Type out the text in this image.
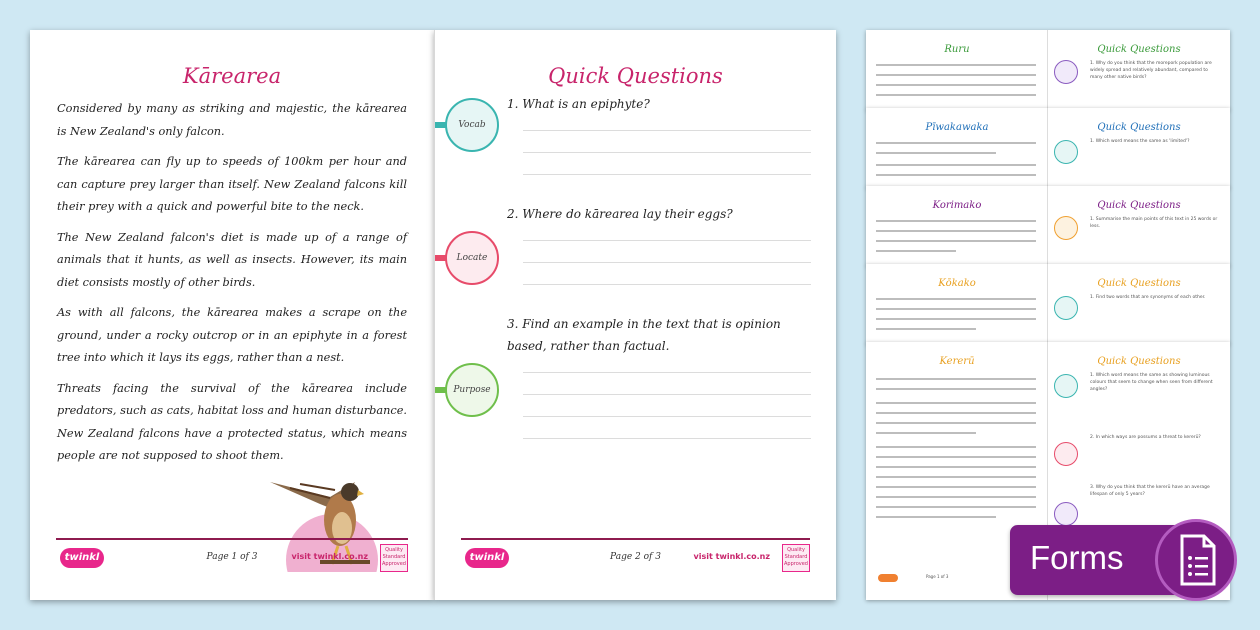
Kārearea

Considered by many as striking and majestic, the kārearea is New Zealand's only falcon.

The kārearea can fly up to speeds of 100km per hour and can capture prey larger than itself. New Zealand falcons kill their prey with a quick and powerful bite to the neck.

The New Zealand falcon's diet is made up of a range of animals that it hunts, as well as insects. However, its main diet consists mostly of other birds.

As with all falcons, the kārearea makes a scrape on the ground, under a rocky outcrop or in an epiphyte in a forest tree into which it lays its eggs, rather than a nest.

Threats facing the survival of the kārearea include predators, such as cats, habitat loss and human disturbance. New Zealand falcons have a protected status, which means people are not supposed to shoot them.

twinkl	Page 1 of 3	visit twinkl.co.nz
Quality Standard Approved
Quick Questions
Vocab
1. What is an epiphyte?
Locate
2. Where do kārearea lay their eggs?
Purpose
3. Find an example in the text that is opinion based, rather than factual.
twinkl	Page 2 of 3	visit twinkl.co.nz
Quality Standard Approved
Ruru	Quick Questions
1. Why do you think that the morepork population are widely spread and relatively abundant, compared to many other native birds?
Pīwakawaka	Quick Questions
1. Which word means the same as 'limited'?
Korimako	Quick Questions
1. Summarise the main points of this text in 25 words or less.
Kōkako	Quick Questions
1. Find two words that are synonyms of each other.
Kererū	Quick Questions
1. Which word means the same as showing luminous colours that seem to change when seen from different angles?
2. In which ways are possums a threat to kererū?
3. Why do you think that the kererū have an average lifespan of only 5 years?
Page 1 of 3
Forms
